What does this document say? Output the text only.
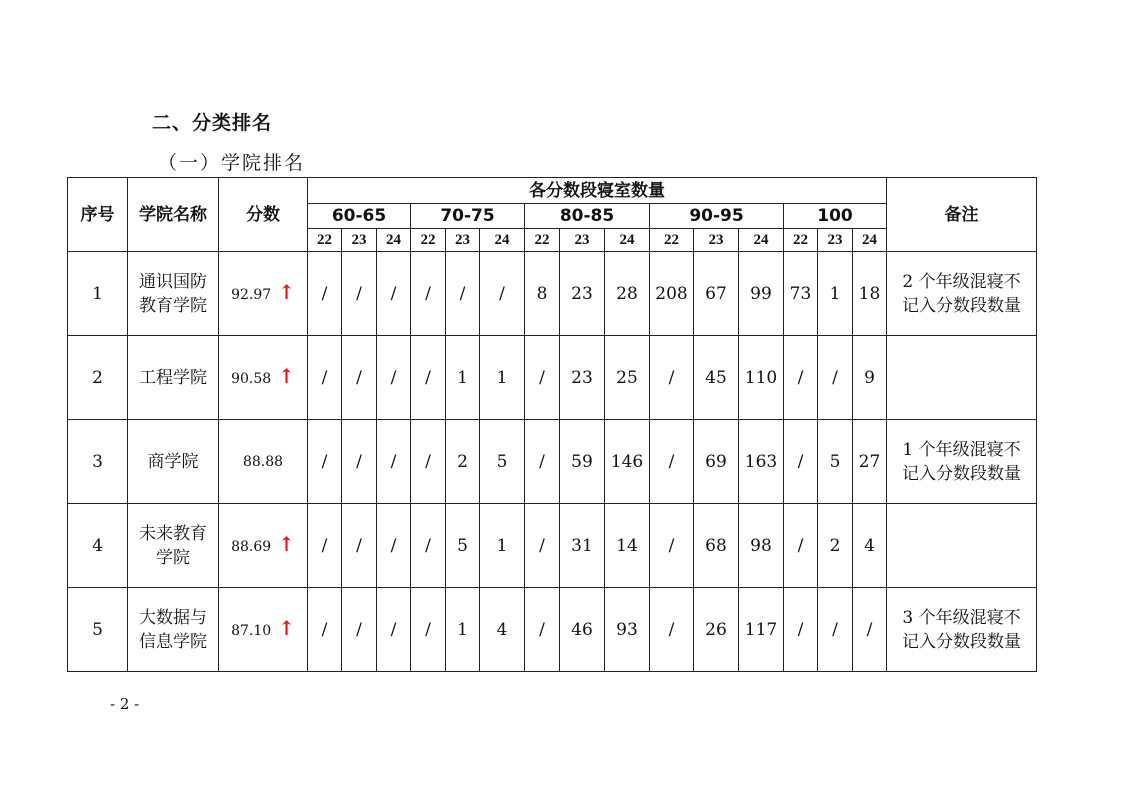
二、分类排名
（一）学院排名
序号	学院名称	分数	各分数段寝室数量															备注
			60-65			70-75			80-85			90-95			100			
			22	23	24	22	23	24	22	23	24	22	23	24	22	23	24	
1	通识国防教育学院	92.97 ↑	/	/	/	/	/	/	8	23	28	208	67	99	73	1	18	2 个年级混寝不记入分数段数量
2	工程学院	90.58 ↑	/	/	/	/	1	1	/	23	25	/	45	110	/	/	9	
3	商学院	88.88	/	/	/	/	2	5	/	59	146	/	69	163	/	5	27	1 个年级混寝不记入分数段数量
4	未来教育学院	88.69 ↑	/	/	/	/	5	1	/	31	14	/	68	98	/	2	4	
5	大数据与信息学院	87.10 ↑	/	/	/	/	1	4	/	46	93	/	26	117	/	/	/	3 个年级混寝不记入分数段数量
- 2 -
